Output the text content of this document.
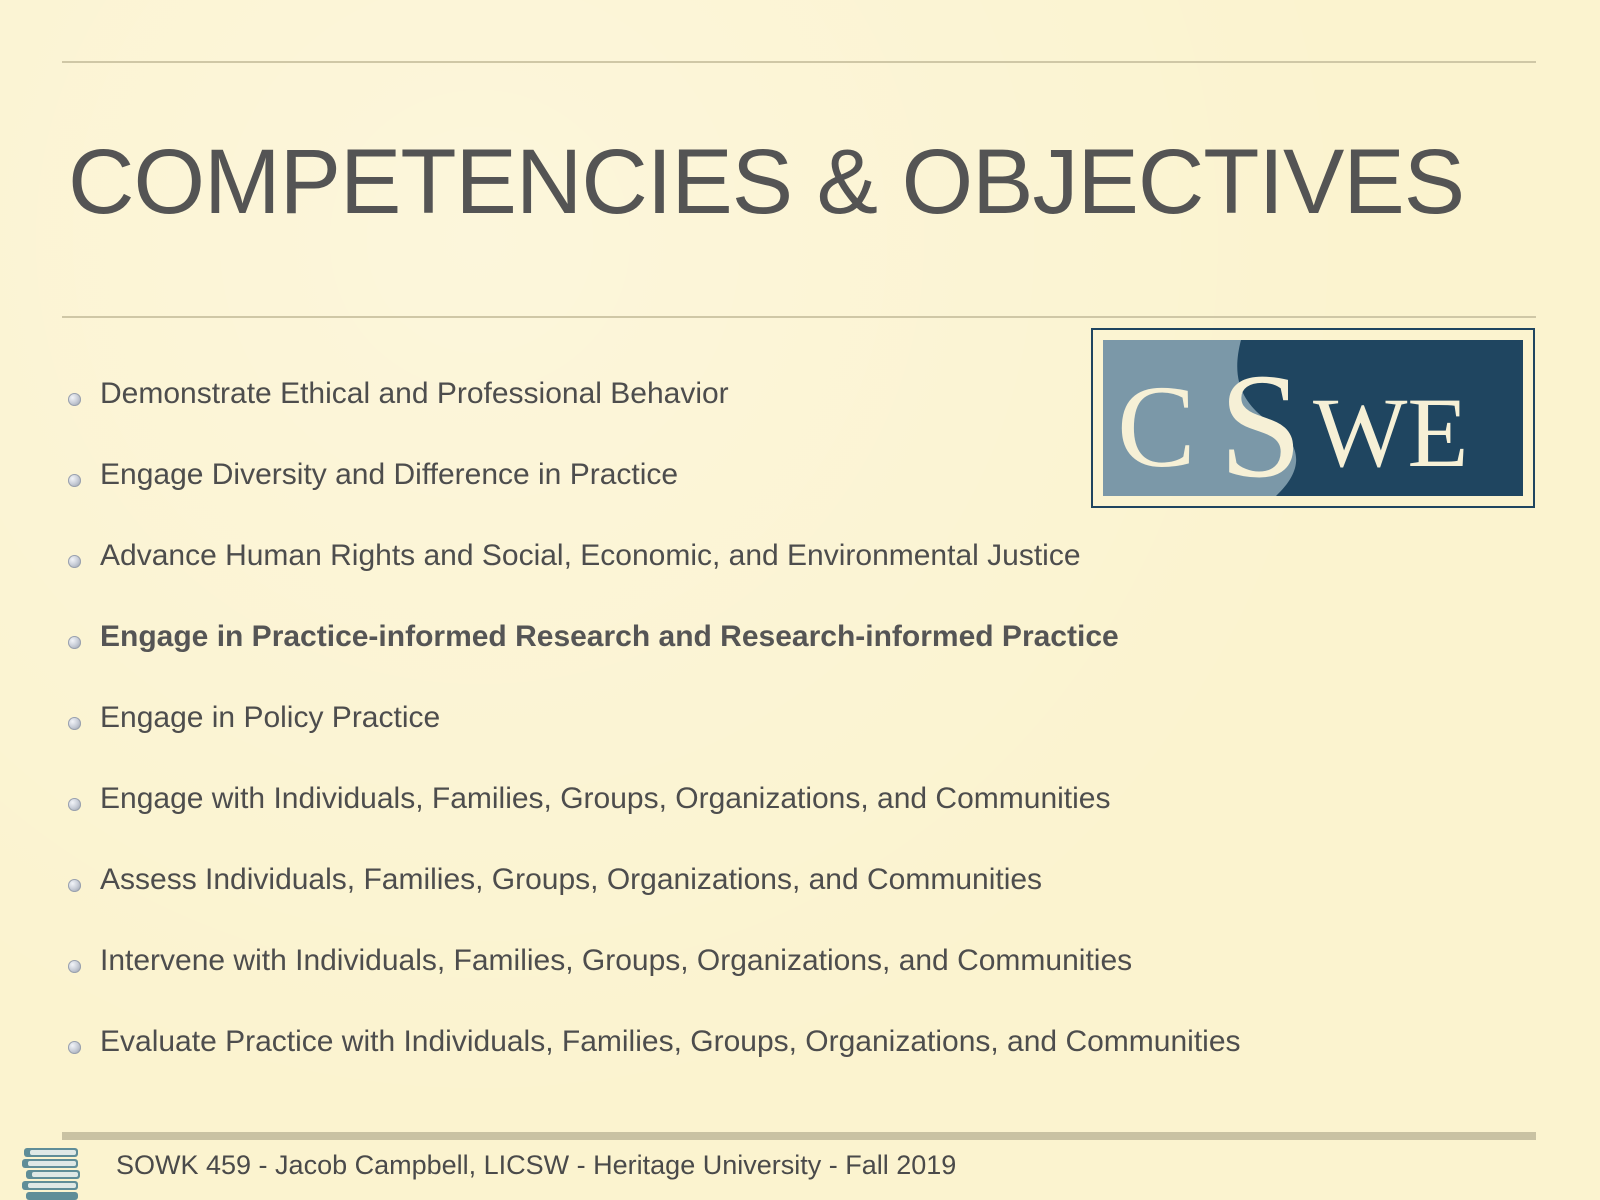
COMPETENCIES & OBJECTIVES
C S WE
Demonstrate Ethical and Professional Behavior
Engage Diversity and Difference in Practice
Advance Human Rights and Social, Economic, and Environmental Justice
Engage in Practice-informed Research and Research-informed Practice
Engage in Policy Practice
Engage with Individuals, Families, Groups, Organizations, and Communities
Assess Individuals, Families, Groups, Organizations, and Communities
Intervene with Individuals, Families, Groups, Organizations, and Communities
Evaluate Practice with Individuals, Families, Groups, Organizations, and Communities
SOWK 459 - Jacob Campbell, LICSW - Heritage University - Fall 2019
